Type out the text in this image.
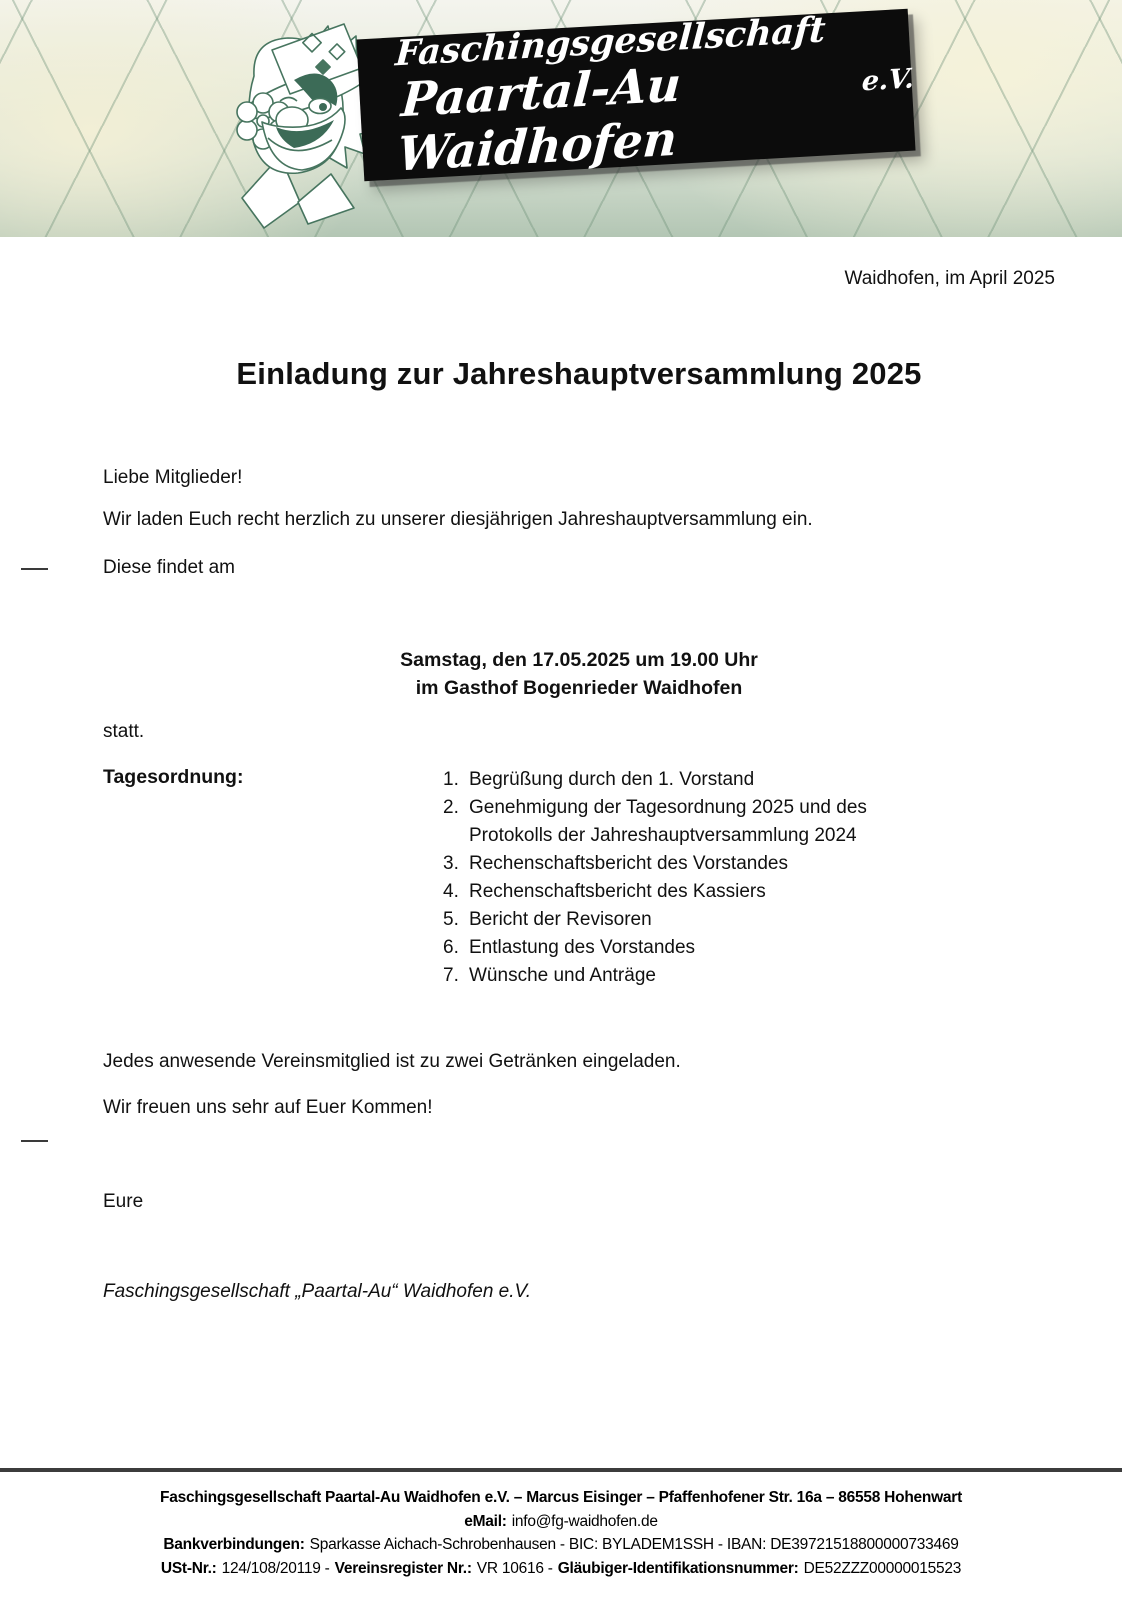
Faschingsgesellschaft
Paartal-Au Waidhofen
e.V.
Waidhofen, im April 2025
Einladung zur Jahreshauptversammlung 2025
Liebe Mitglieder!
Wir laden Euch recht herzlich zu unserer diesjährigen Jahreshauptversammlung ein.
Diese findet am
Samstag, den 17.05.2025 um 19.00 Uhr
im Gasthof Bogenrieder Waidhofen
statt.
Tagesordnung:	1. Begrüßung durch den 1. Vorstand
2. Genehmigung der Tagesordnung 2025 und des
Protokolls der Jahreshauptversammlung 2024
3. Rechenschaftsbericht des Vorstandes
4. Rechenschaftsbericht des Kassiers
5. Bericht der Revisoren
6. Entlastung des Vorstandes
7. Wünsche und Anträge
Jedes anwesende Vereinsmitglied ist zu zwei Getränken eingeladen.
Wir freuen uns sehr auf Euer Kommen!
Eure
Faschingsgesellschaft „Paartal-Au“ Waidhofen e.V.
Faschingsgesellschaft Paartal-Au Waidhofen e.V. – Marcus Eisinger – Pfaffenhofener Str. 16a – 86558 Hohenwart
eMail: info@fg-waidhofen.de
Bankverbindungen: Sparkasse Aichach-Schrobenhausen - BIC: BYLADEM1SSH - IBAN: DE39721518800000733469
USt-Nr.: 124/108/20119 - Vereinsregister Nr.: VR 10616 - Gläubiger-Identifikationsnummer: DE52ZZZ00000015523
